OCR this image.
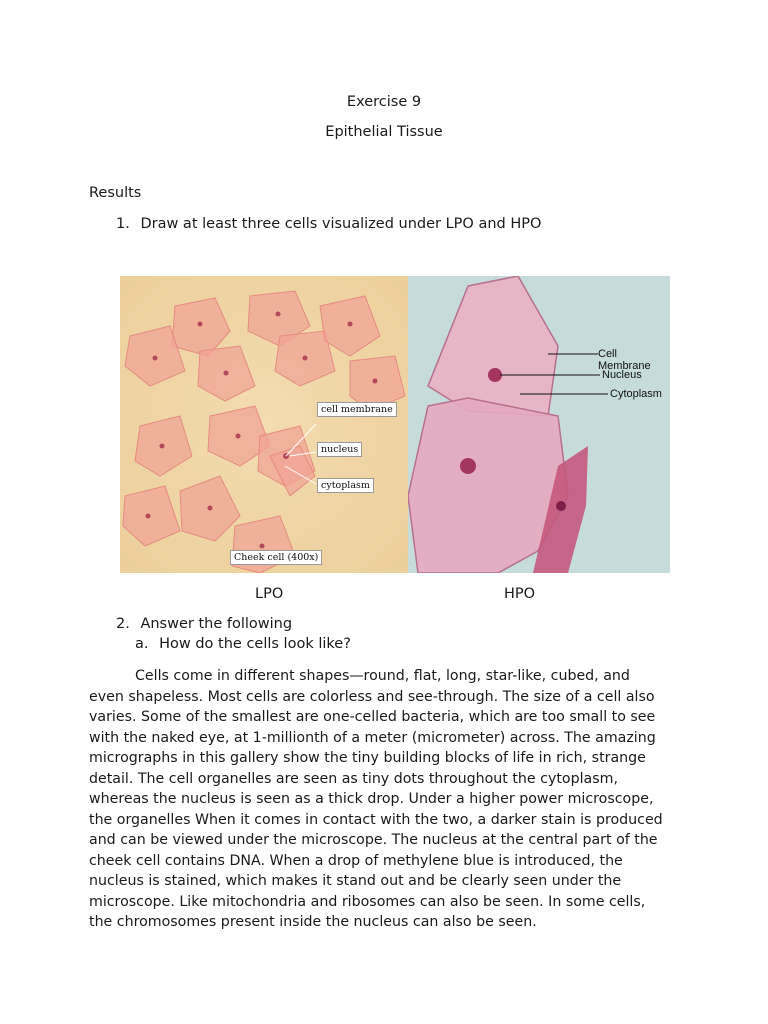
Exercise 9
Epithelial Tissue
Results
1. Draw at least three cells visualized under LPO and HPO
cell membrane
nucleus
cytoplasm
Cheek cell (400x)
Cell Membrane
Nucleus
Cytoplasm
LPO	HPO
2. Answer the following
a. How do the cells look like?

Cells come in different shapes—round, flat, long, star-like, cubed, and even shapeless. Most cells are colorless and see-through. The size of a cell also varies. Some of the smallest are one-celled bacteria, which are too small to see with the naked eye, at 1-millionth of a meter (micrometer) across. The amazing micrographs in this gallery show the tiny building blocks of life in rich, strange detail. The cell organelles are seen as tiny dots throughout the cytoplasm, whereas the nucleus is seen as a thick drop. Under a higher power microscope, the organelles When it comes in contact with the two, a darker stain is produced and can be viewed under the microscope. The nucleus at the central part of the cheek cell contains DNA. When a drop of methylene blue is introduced, the nucleus is stained, which makes it stand out and be clearly seen under the microscope. Like mitochondria and ribosomes can also be seen. In some cells, the chromosomes present inside the nucleus can also be seen.
